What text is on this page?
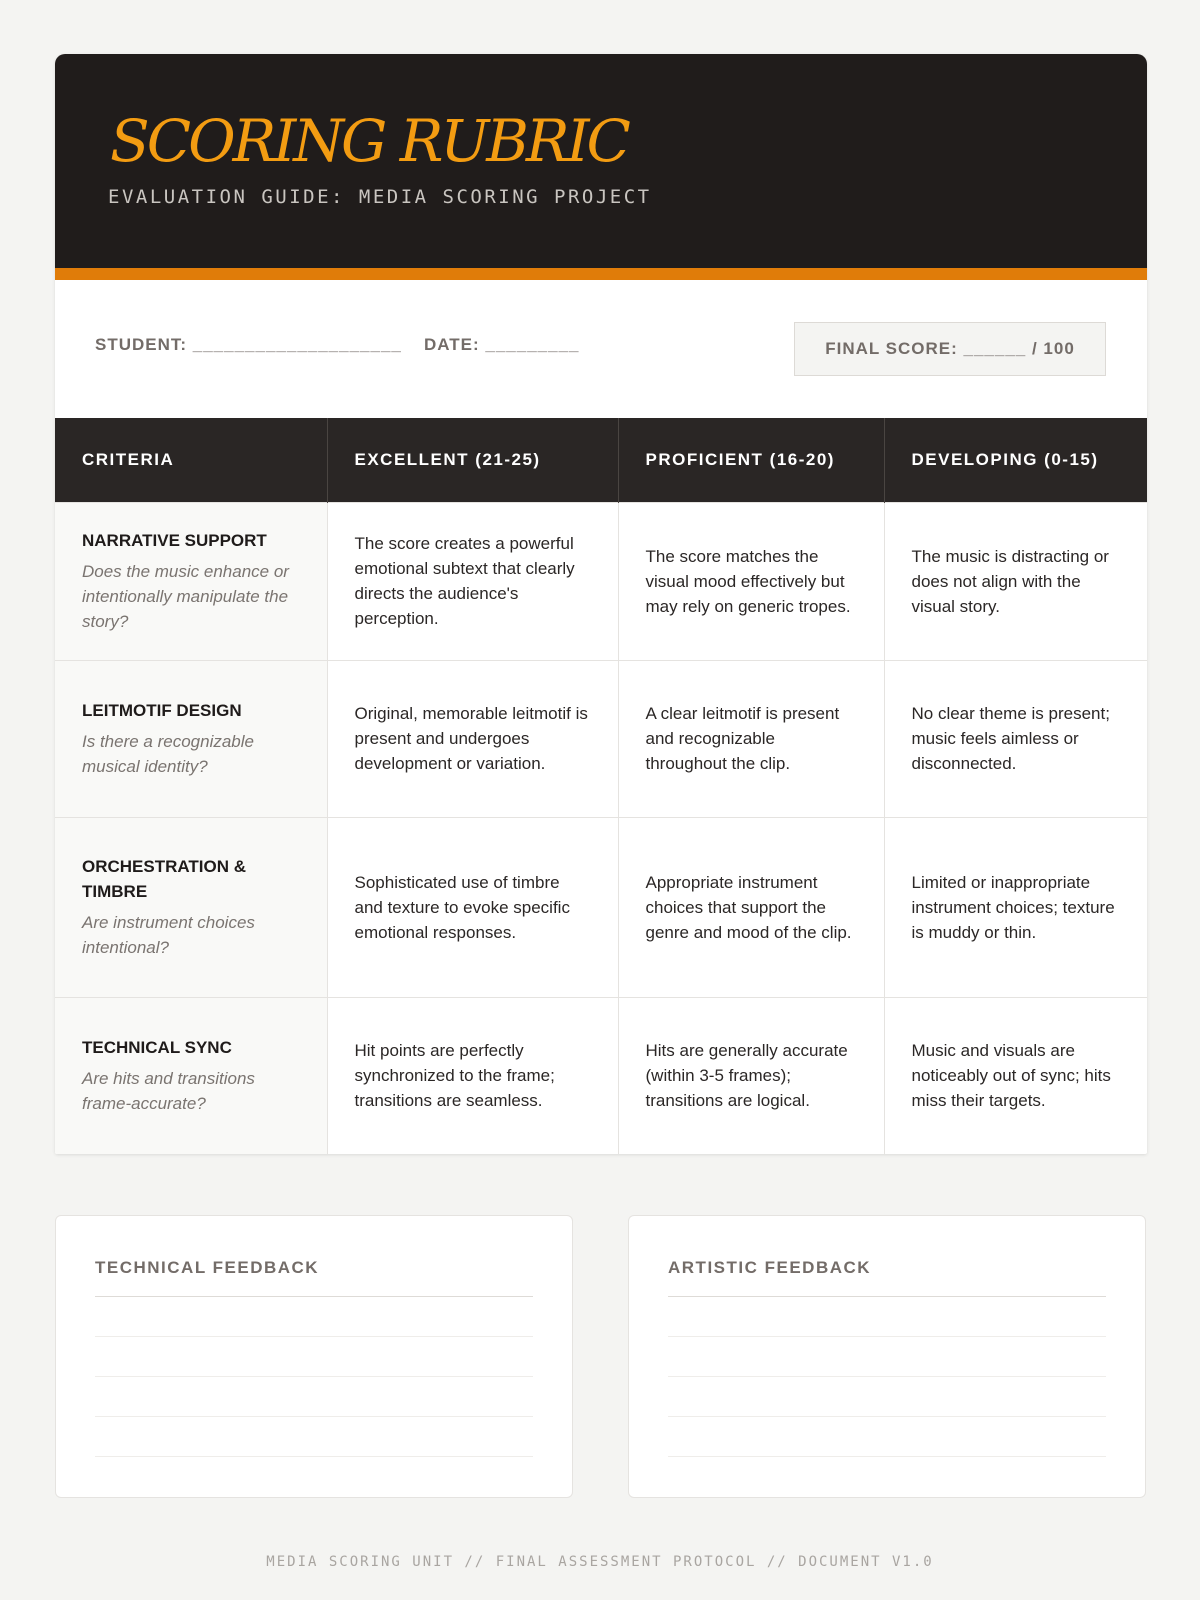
SCORING RUBRIC
EVALUATION GUIDE: MEDIA SCORING PROJECT
STUDENT: ____________________ DATE: _________	FINAL SCORE: ______ / 100
CRITERIA	EXCELLENT (21-25)	PROFICIENT (16-20)	DEVELOPING (0-15)

NARRATIVE SUPPORT
Does the music enhance or intentionally manipulate the story?	The score creates a powerful emotional subtext that clearly directs the audience's perception.	The score matches the visual mood effectively but may rely on generic tropes.	The music is distracting or does not align with the visual story.

LEITMOTIF DESIGN
Is there a recognizable musical identity?	Original, memorable leitmotif is present and undergoes development or variation.	A clear leitmotif is present and recognizable throughout the clip.	No clear theme is present; music feels aimless or disconnected.

ORCHESTRATION & TIMBRE
Are instrument choices intentional?	Sophisticated use of timbre and texture to evoke specific emotional responses.	Appropriate instrument choices that support the genre and mood of the clip.	Limited or inappropriate instrument choices; texture is muddy or thin.

TECHNICAL SYNC
Are hits and transitions frame-accurate?	Hit points are perfectly synchronized to the frame; transitions are seamless.	Hits are generally accurate (within 3-5 frames); transitions are logical.	Music and visuals are noticeably out of sync; hits miss their targets.
TECHNICAL FEEDBACK	ARTISTIC FEEDBACK
MEDIA SCORING UNIT // FINAL ASSESSMENT PROTOCOL // DOCUMENT V1.0
